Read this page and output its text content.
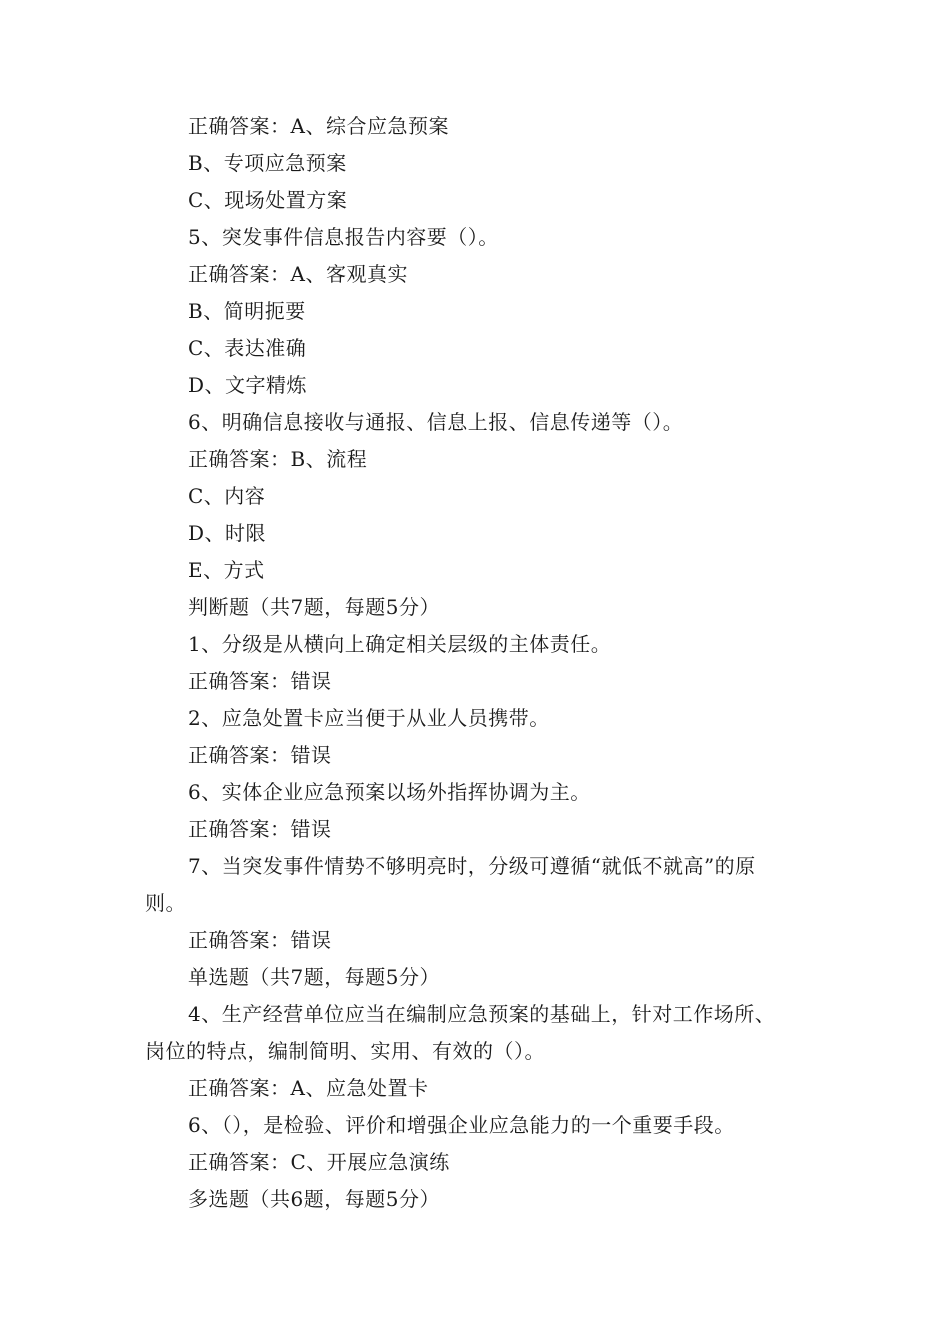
正确答案：A、综合应急预案
B、专项应急预案
C、现场处置方案
5、突发事件信息报告内容要（）。
正确答案：A、客观真实
B、简明扼要
C、表达准确
D、文字精炼
6、明确信息接收与通报、信息上报、信息传递等（）。
正确答案：B、流程
C、内容
D、时限
E、方式
判断题（共7题，每题5分）
1、分级是从横向上确定相关层级的主体责任。
正确答案：错误
2、应急处置卡应当便于从业人员携带。
正确答案：错误
6、实体企业应急预案以场外指挥协调为主。
正确答案：错误
7、当突发事件情势不够明亮时，分级可遵循“就低不就高”的原
则。
正确答案：错误
单选题（共7题，每题5分）
4、生产经营单位应当在编制应急预案的基础上，针对工作场所、
岗位的特点，编制简明、实用、有效的（）。
正确答案：A、应急处置卡
6、（），是检验、评价和增强企业应急能力的一个重要手段。
正确答案：C、开展应急演练
多选题（共6题，每题5分）
